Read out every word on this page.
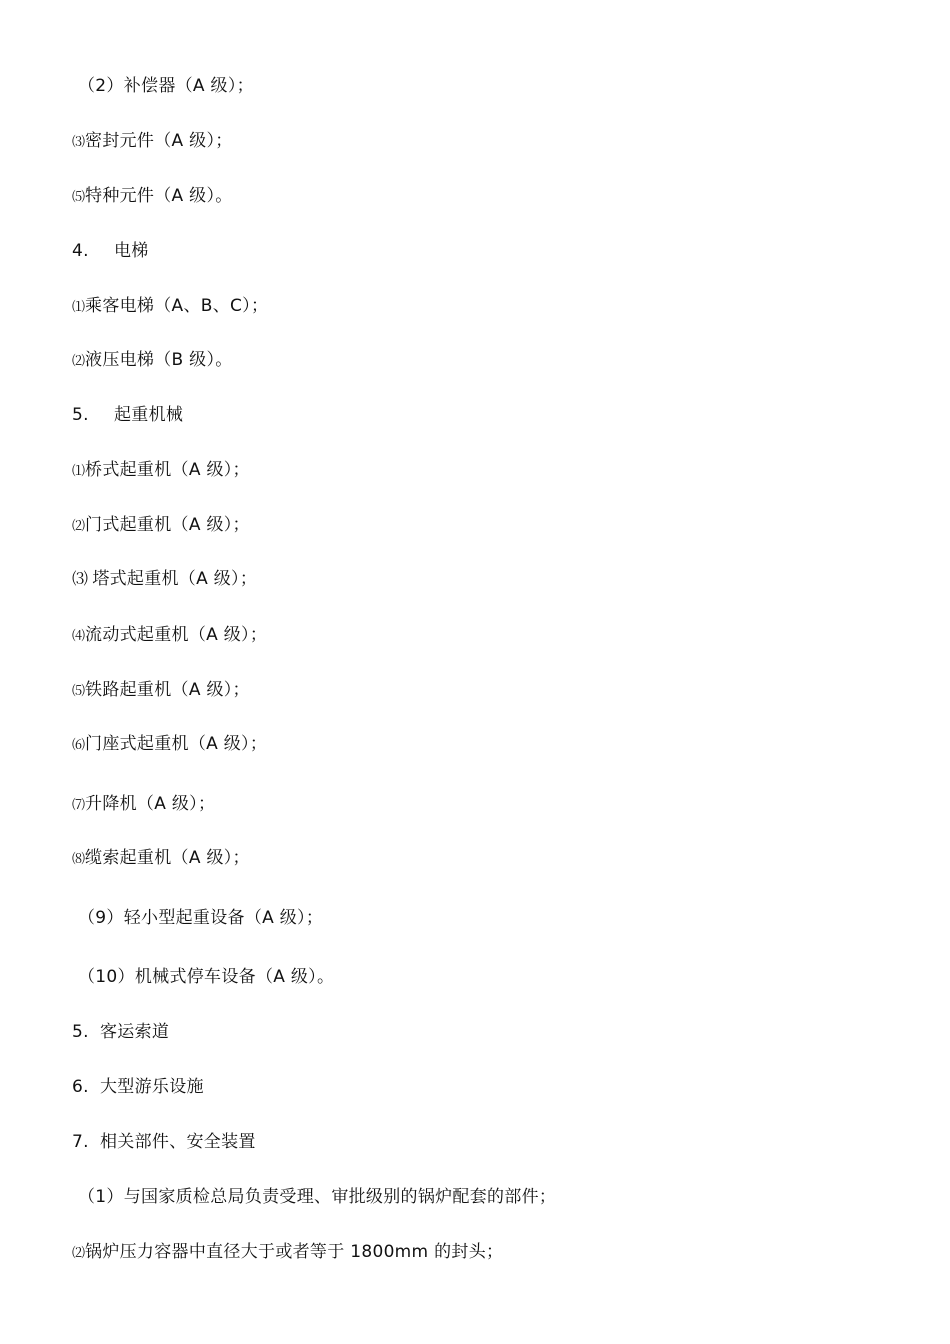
（2）补偿器（A 级）；
⑶密封元件（A 级）；
⑸特种元件（A 级）。
4. 电梯
⑴乘客电梯（A、B、C）；
⑵液压电梯（B 级）。
5. 起重机械
⑴桥式起重机（A 级）；
⑵门式起重机（A 级）；
⑶ 塔式起重机（A 级）；
⑷流动式起重机（A 级）；
⑸铁路起重机（A 级）；
⑹门座式起重机（A 级）；
⑺升降机（A 级）；
⑻缆索起重机（A 级）；
（9）轻小型起重设备（A 级）；
（10）机械式停车设备（A 级）。
5. 客运索道
6. 大型游乐设施
7. 相关部件、安全装置
（1）与国家质检总局负责受理、审批级别的锅炉配套的部件；
⑵锅炉压力容器中直径大于或者等于 1800mm 的封头；
